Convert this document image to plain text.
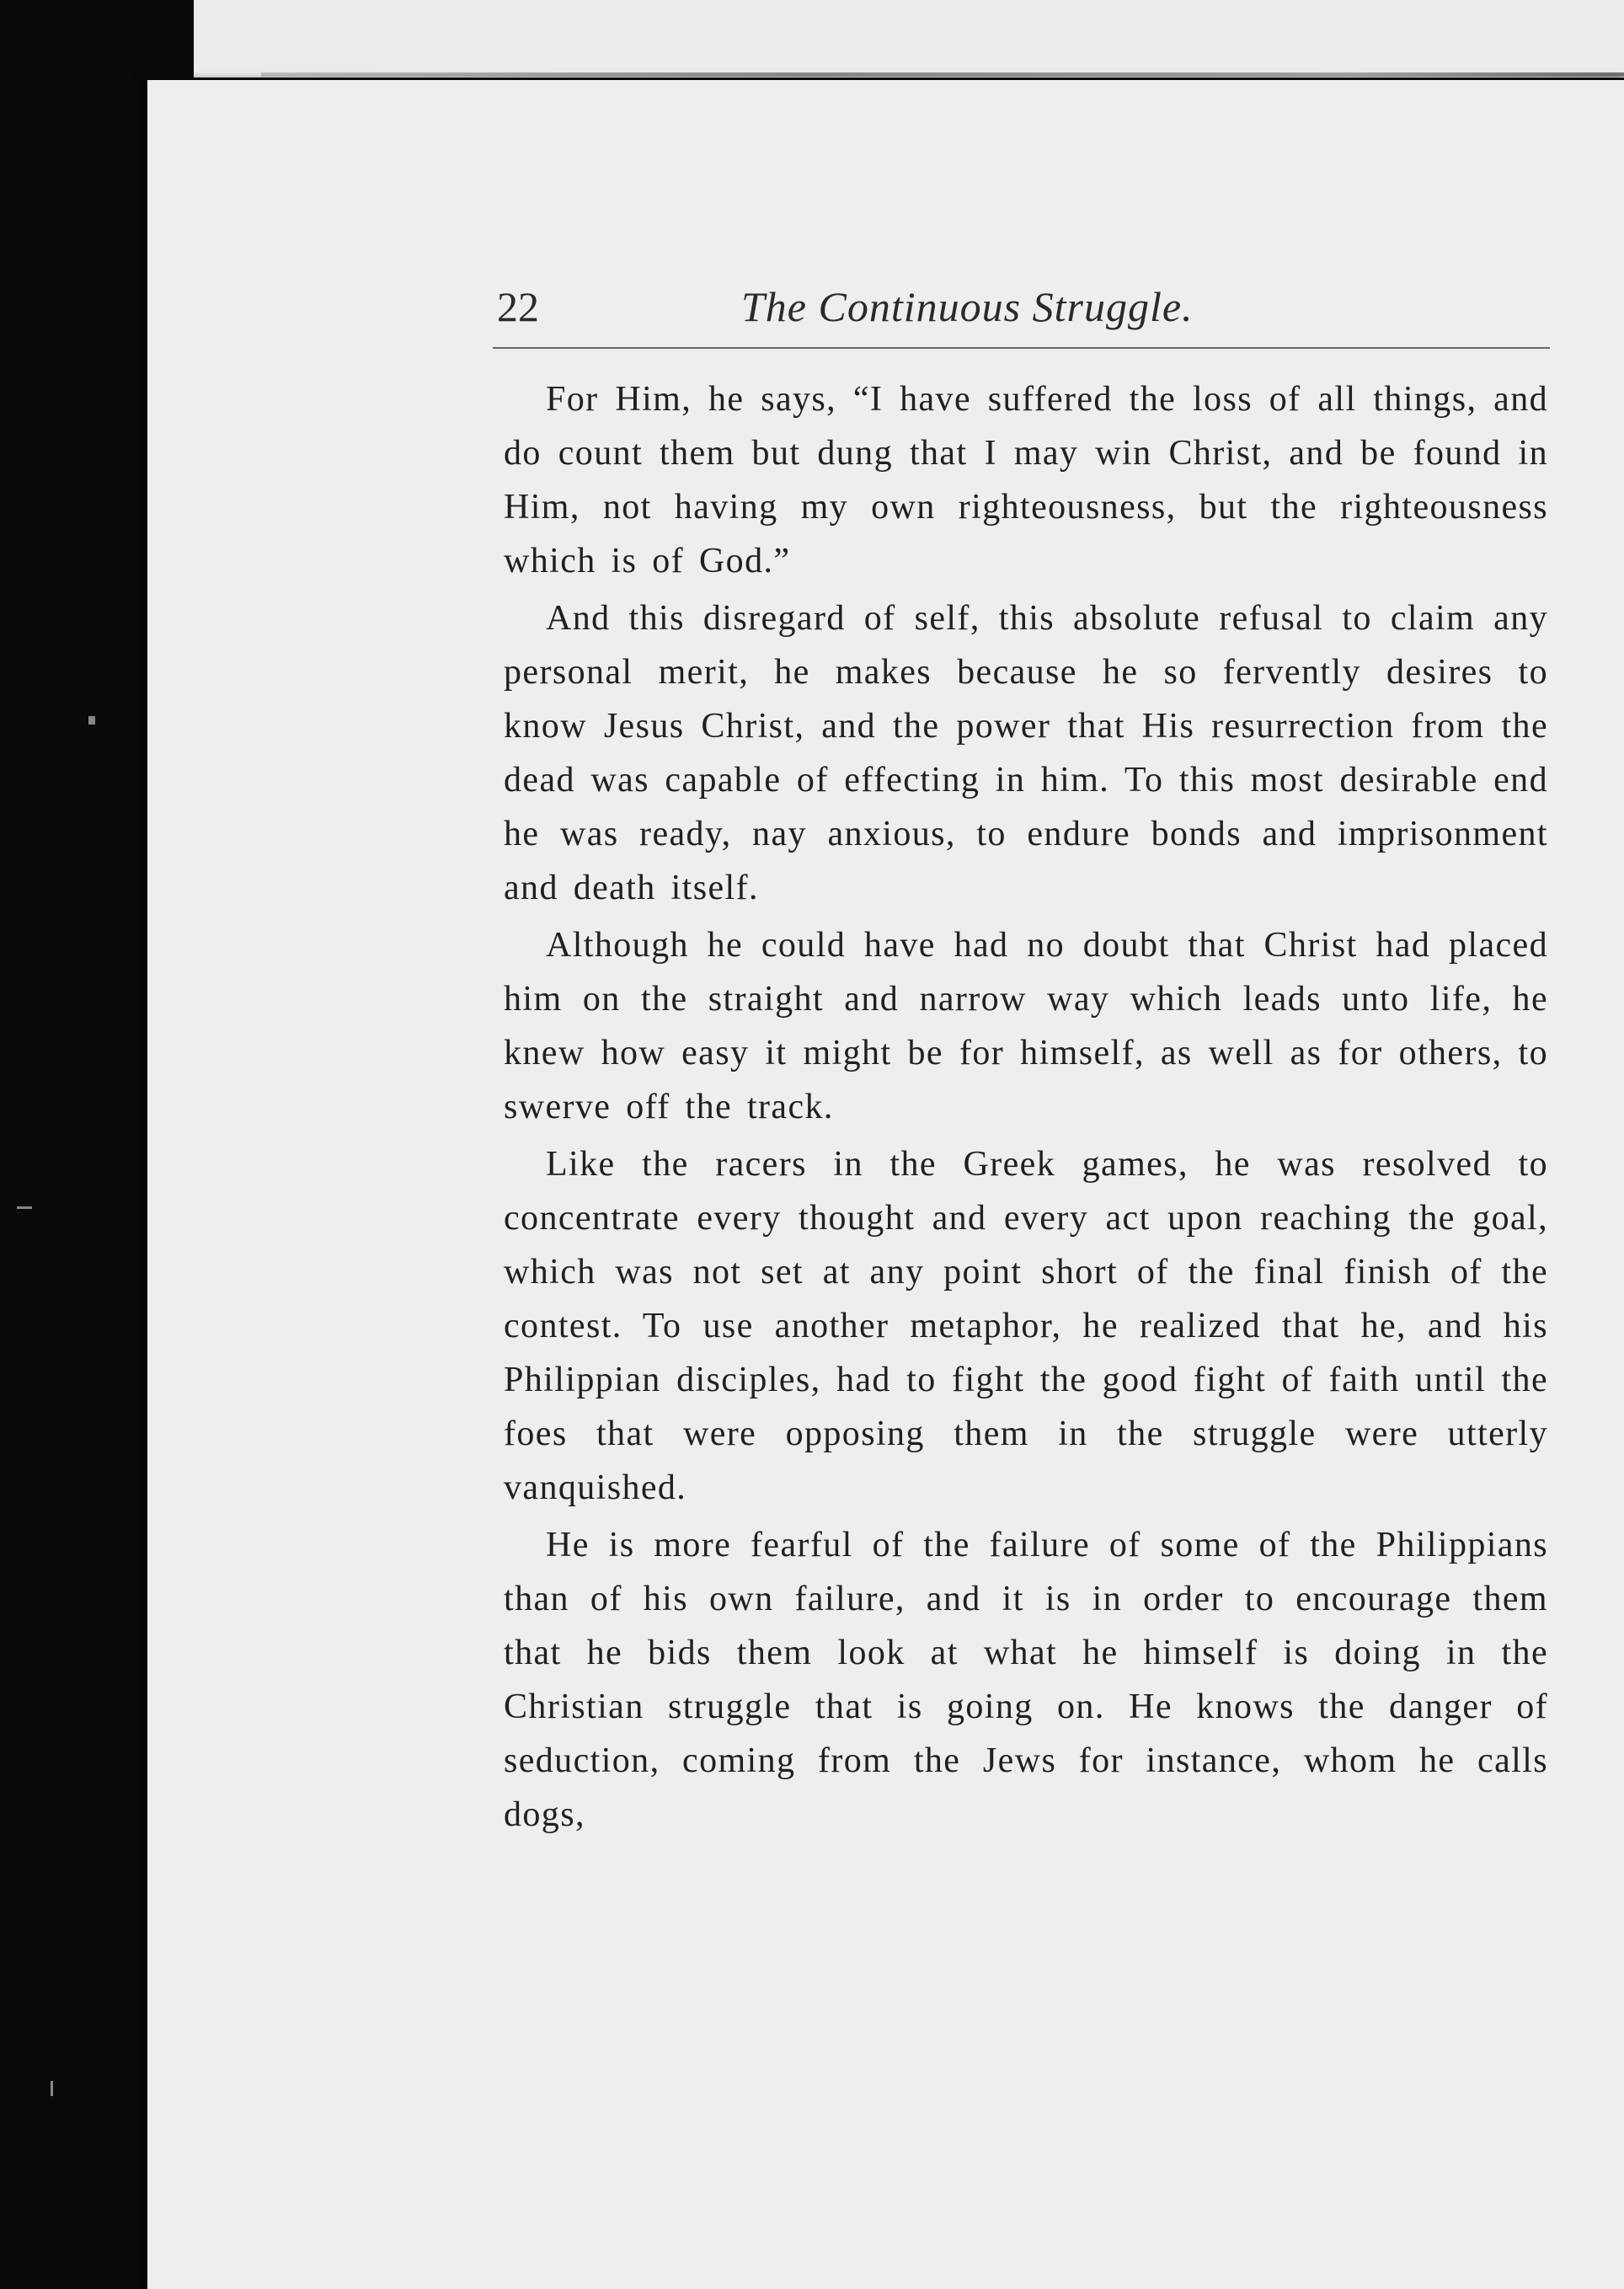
22	The Continuous Struggle.

For Him, he says, “I have suffered the loss of all things, and do count them but dung that I may win Christ, and be found in Him, not having my own righteousness, but the righteousness which is of God.”

And this disregard of self, this absolute refusal to claim any personal merit, he makes because he so fervently desires to know Jesus Christ, and the power that His resurrection from the dead was capable of effecting in him. To this most desirable end he was ready, nay anxious, to endure bonds and imprisonment and death itself.

Although he could have had no doubt that Christ had placed him on the straight and narrow way which leads unto life, he knew how easy it might be for himself, as well as for others, to swerve off the track.

Like the racers in the Greek games, he was resolved to concentrate every thought and every act upon reaching the goal, which was not set at any point short of the final finish of the contest. To use another metaphor, he realized that he, and his Philippian disciples, had to fight the good fight of faith until the foes that were opposing them in the struggle were utterly vanquished.

He is more fearful of the failure of some of the Philippians than of his own failure, and it is in order to encourage them that he bids them look at what he himself is doing in the Christian struggle that is going on. He knows the danger of seduction, coming from the Jews for instance, whom he calls dogs,
